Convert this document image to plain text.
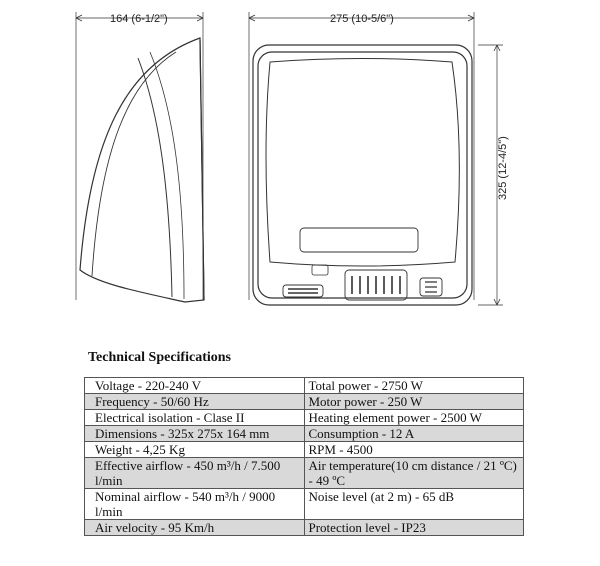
164 (6-1/2")	275 (10-5/6")
325 (12-4/5")
Technical Specifications
Voltage - 220-240 V	Total power - 2750 W
Frequency - 50/60 Hz	Motor power - 250 W
Electrical isolation - Clase II	Heating element power - 2500 W
Dimensions - 325x 275x 164 mm	Consumption - 12 A
Weight - 4,25 Kg	RPM - 4500
Effective airflow - 450 m³/h / 7.500 l/min	Air temperature(10 cm distance / 21 ºC) - 49 ºC
Nominal airflow - 540 m³/h / 9000 l/min	Noise level (at 2 m) - 65 dB
Air velocity - 95 Km/h	Protection level - IP23
